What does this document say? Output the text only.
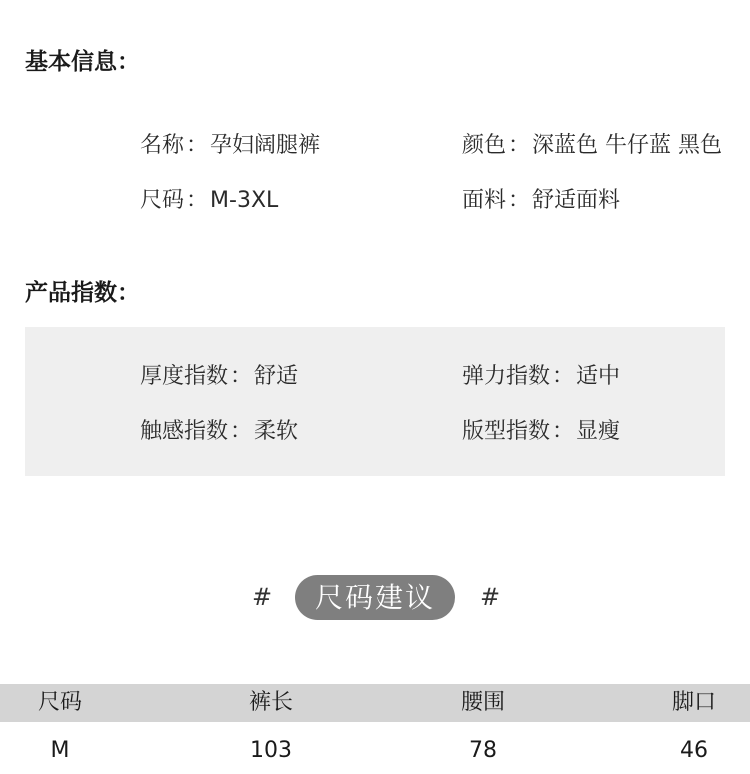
基本信息：
名称：孕妇阔腿裤	颜色：深蓝色 牛仔蓝 黑色
尺码：M-3XL	面料：舒适面料
产品指数：
厚度指数：舒适	弹力指数：适中
触感指数：柔软	版型指数：显瘦
#	尺码建议	#
尺码	裤长	腰围	脚口
M	103	78	46
